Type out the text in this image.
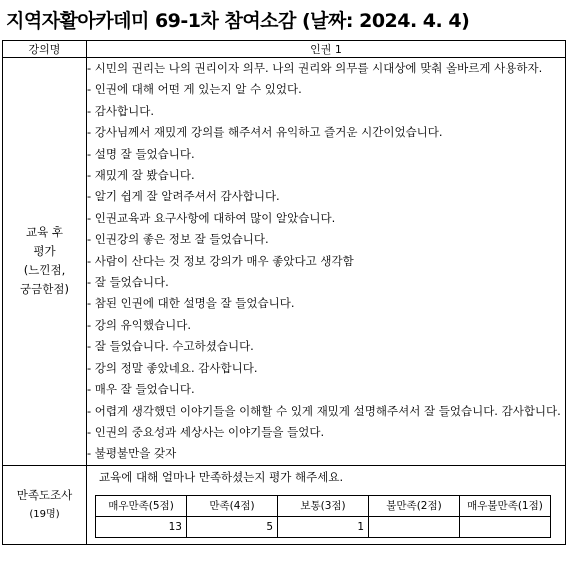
지역자활아카데미 69-1차 참여소감 (날짜: 2024. 4. 4)
강의명	인권 1

교육 후
평가
(느낀점,
궁금한점)

- 시민의 권리는 나의 권리이자 의무. 나의 권리와 의무를 시대상에 맞춰 올바르게 사용하자.
- 인권에 대해 어떤 게 있는지 알 수 있었다.
- 감사합니다.
- 강사님께서 재밌게 강의를 해주셔서 유익하고 즐거운 시간이었습니다.
- 설명 잘 들었습니다.
- 재밌게 잘 봤습니다.
- 알기 쉽게 잘 알려주셔서 감사합니다.
- 인권교육과 요구사항에 대하여 많이 알았습니다.
- 인권강의 좋은 정보 잘 들었습니다.
- 사람이 산다는 것 정보 강의가 매우 좋았다고 생각함
- 잘 들었습니다.
- 참된 인권에 대한 설명을 잘 들었습니다.
- 강의 유익했습니다.
- 잘 들었습니다. 수고하셨습니다.
- 강의 정말 좋았네요. 감사합니다.
- 매우 잘 들었습니다.
- 어렵게 생각했던 이야기들을 이해할 수 있게 재밌게 설명해주셔서 잘 들었습니다. 감사합니다.
- 인권의 중요성과 세상사는 이야기들을 들었다.
- 불평불만을 갖자

만족도조사
(19명)

교육에 대해 얼마나 만족하셨는지 평가 해주세요.
매우만족(5점)	만족(4점)	보통(3점)	불만족(2점)	매우불만족(1점)
13	5	1		
